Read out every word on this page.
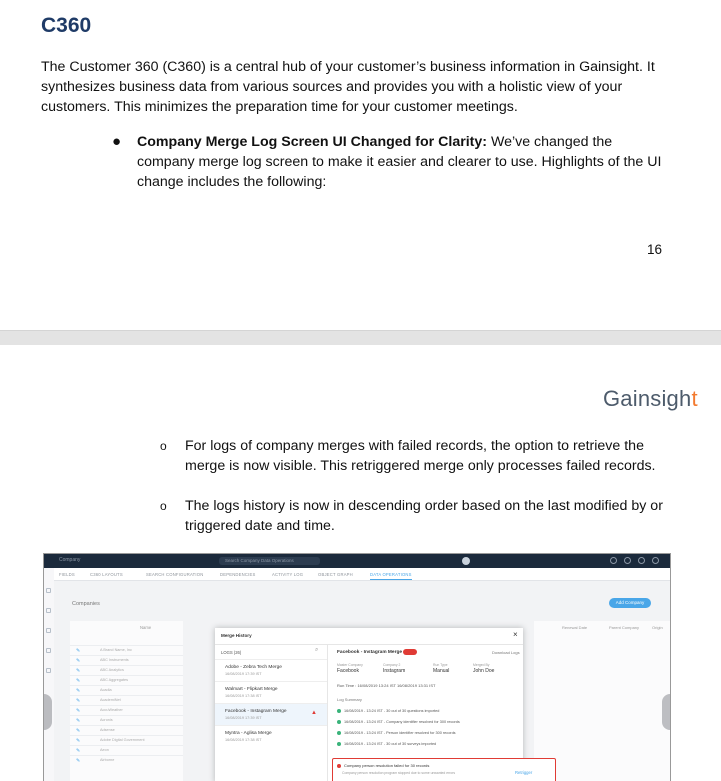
C360
The Customer 360 (C360) is a central hub of your customer’s business information in Gainsight. It synthesizes business data from various sources and provides you with a holistic view of your customers. This minimizes the preparation time for your customer meetings.
● Company Merge Log Screen UI Changed for Clarity: We’ve changed the company merge log screen to make it easier and clearer to use. Highlights of the UI change includes the following:
16
Gainsight
o For logs of company merges with failed records, the option to retrieve the merge is now visible. This retriggered merge only processes failed records.
o The logs history is now in descending order based on the last modified by or triggered date and time.
Company	Search Company Data Operations
FIELDS	C360 LAYOUTS	SEARCH CONFIGURATION	DEPENDENCIES	ACTIVITY LOG	OBJECT GRAPH	DATA OPERATIONS
Companies	Add Company
Name
✎	A Brand Name, Inc
✎	ABC Instruments
✎	ABC Analytics
✎	ABC Aggregates
✎	Acadia
✎	AcademiNet
✎	AccuWeather
✎	Acronis
✎	Adsense
✎	Adobe Digital Government
✎	Aeon
✎	Airborne
Renewal Date	Parent Company	Origin
Merge History	×
LOGS (26)	⌕
Adobe - Zebra Tech Merge
16/08/2019 17:39 IST
Walmart - Flipkart Merge
16/08/2019 17:38 IST
Facebook - Instagram Merge
16/08/2019 17:39 IST
▲
Myntra - Aglisa Merge
16/08/2019 17:38 IST
Facebook - Instagram Merge	Download Logs
Master Company
Facebook
Company 2
Instagram
Run Type
Manual
Merged By
John Doe
Run Time : 16/08/2019 13:24 IST 16/08/2019 13:31 IST
Log Summary
16/08/2019 - 13:24 IST - 30 out of 30 questions imported
16/08/2019 - 13:24 IST - Company identifier resolved for 300 records
16/08/2019 - 13:24 IST - Person identifier resolved for 300 records
16/08/2019 - 13:24 IST - 30 out of 30 surveys imported
Company person resolution failed for 30 records
Company person resolution program stopped due to some unwanted errors	Retrigger
